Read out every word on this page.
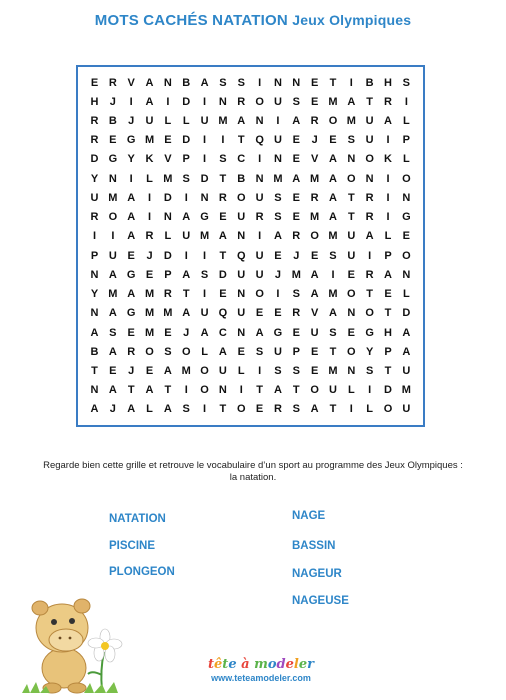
MOTS CACHÉS NATATION Jeux Olympiques
E R V A N B A S	S	I	N N E	T	I	B H S
H	J	I	A	I	D	I	N R O U S	E M A	T	R	I
R B	J	U	L	L	U M A N	I	A R O M U A	L
R E G M E D	I	I	T Q U E	J	E	S U	I	P
D G Y K V	P	I	S C	I	N E	V A N O K	L
Y N	I	L M S D	T	B N M A M A O N	I	O
U M A	I	D	I	N R O U S	E R A	T	R	I	N
R O A	I	N A G E U R S	E M A	T	R	I	G
I	I	A R	L	U M A N	I	A R O M U A	L	E
P U E	J	D	I	I	T Q U E	J	E	S U	I	P O
N A G E	P A S D U U	J M A	I	E R A N
Y M A M R	T	I	E N O	I	S A M O T	E	L
N A G M M A U Q U E	E R V A N O T	D
A S	E M E	J	A C N A G E U S	E G H A
B A R O S O L	A E	S U P	E	T O Y	P A
T	E	J	E A M O U	L	I	S	S	E M N S	T	U
N A	T	A	T	I	O N	I	T	A	T O U	L	I	D M
A	J	A	L	A S	I	T O E R S A	T	I	L O U
Regarde bien cette grille et retrouve le vocabulaire d’un sport au programme des Jeux Olympiques : la natation.
NATATION
PISCINE
PLONGEON
NAGE
BASSIN
NAGEUR
NAGEUSE
tête à modeler
www.teteamodeler.com
